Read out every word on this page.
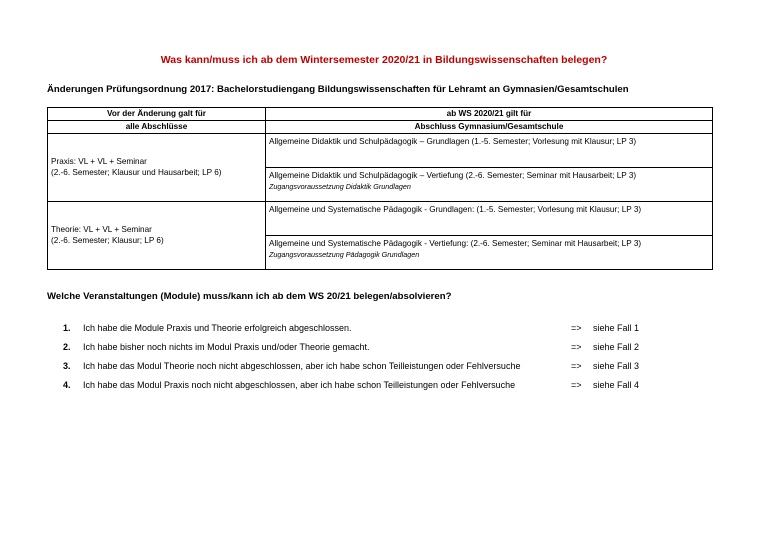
Was kann/muss ich ab dem Wintersemester 2020/21 in Bildungswissenschaften belegen?
Änderungen Prüfungsordnung 2017: Bachelorstudiengang Bildungswissenschaften für Lehramt an Gymnasien/Gesamtschulen
Vor der Änderung galt für	ab WS 2020/21 gilt für
alle Abschlüsse	Abschluss Gymnasium/Gesamtschule

Praxis: VL + VL + Seminar
(2.-6. Semester; Klausur und Hausarbeit; LP 6)	Allgemeine Didaktik und Schulpädagogik – Grundlagen (1.-5. Semester; Vorlesung mit Klausur; LP 3)
	Allgemeine Didaktik und Schulpädagogik – Vertiefung (2.-6. Semester; Seminar mit Hausarbeit; LP 3)
Zugangsvoraussetzung Didaktik Grundlagen

Theorie: VL + VL + Seminar
(2.-6. Semester; Klausur; LP 6)	Allgemeine und Systematische Pädagogik - Grundlagen: (1.-5. Semester; Vorlesung mit Klausur; LP 3)
	Allgemeine und Systematische Pädagogik - Vertiefung: (2.-6. Semester; Seminar mit Hausarbeit; LP 3)
Zugangsvoraussetzung Pädagogik Grundlagen
Welche Veranstaltungen (Module) muss/kann ich ab dem WS 20/21 belegen/absolvieren?
1.	Ich habe die Module Praxis und Theorie erfolgreich abgeschlossen.	=>	siehe Fall 1
2.	Ich habe bisher noch nichts im Modul Praxis und/oder Theorie gemacht.	=>	siehe Fall 2
3.	Ich habe das Modul Theorie noch nicht abgeschlossen, aber ich habe schon Teilleistungen oder Fehlversuche	=>	siehe Fall 3
4.	Ich habe das Modul Praxis noch nicht abgeschlossen, aber ich habe schon Teilleistungen oder Fehlversuche	=>	siehe Fall 4
